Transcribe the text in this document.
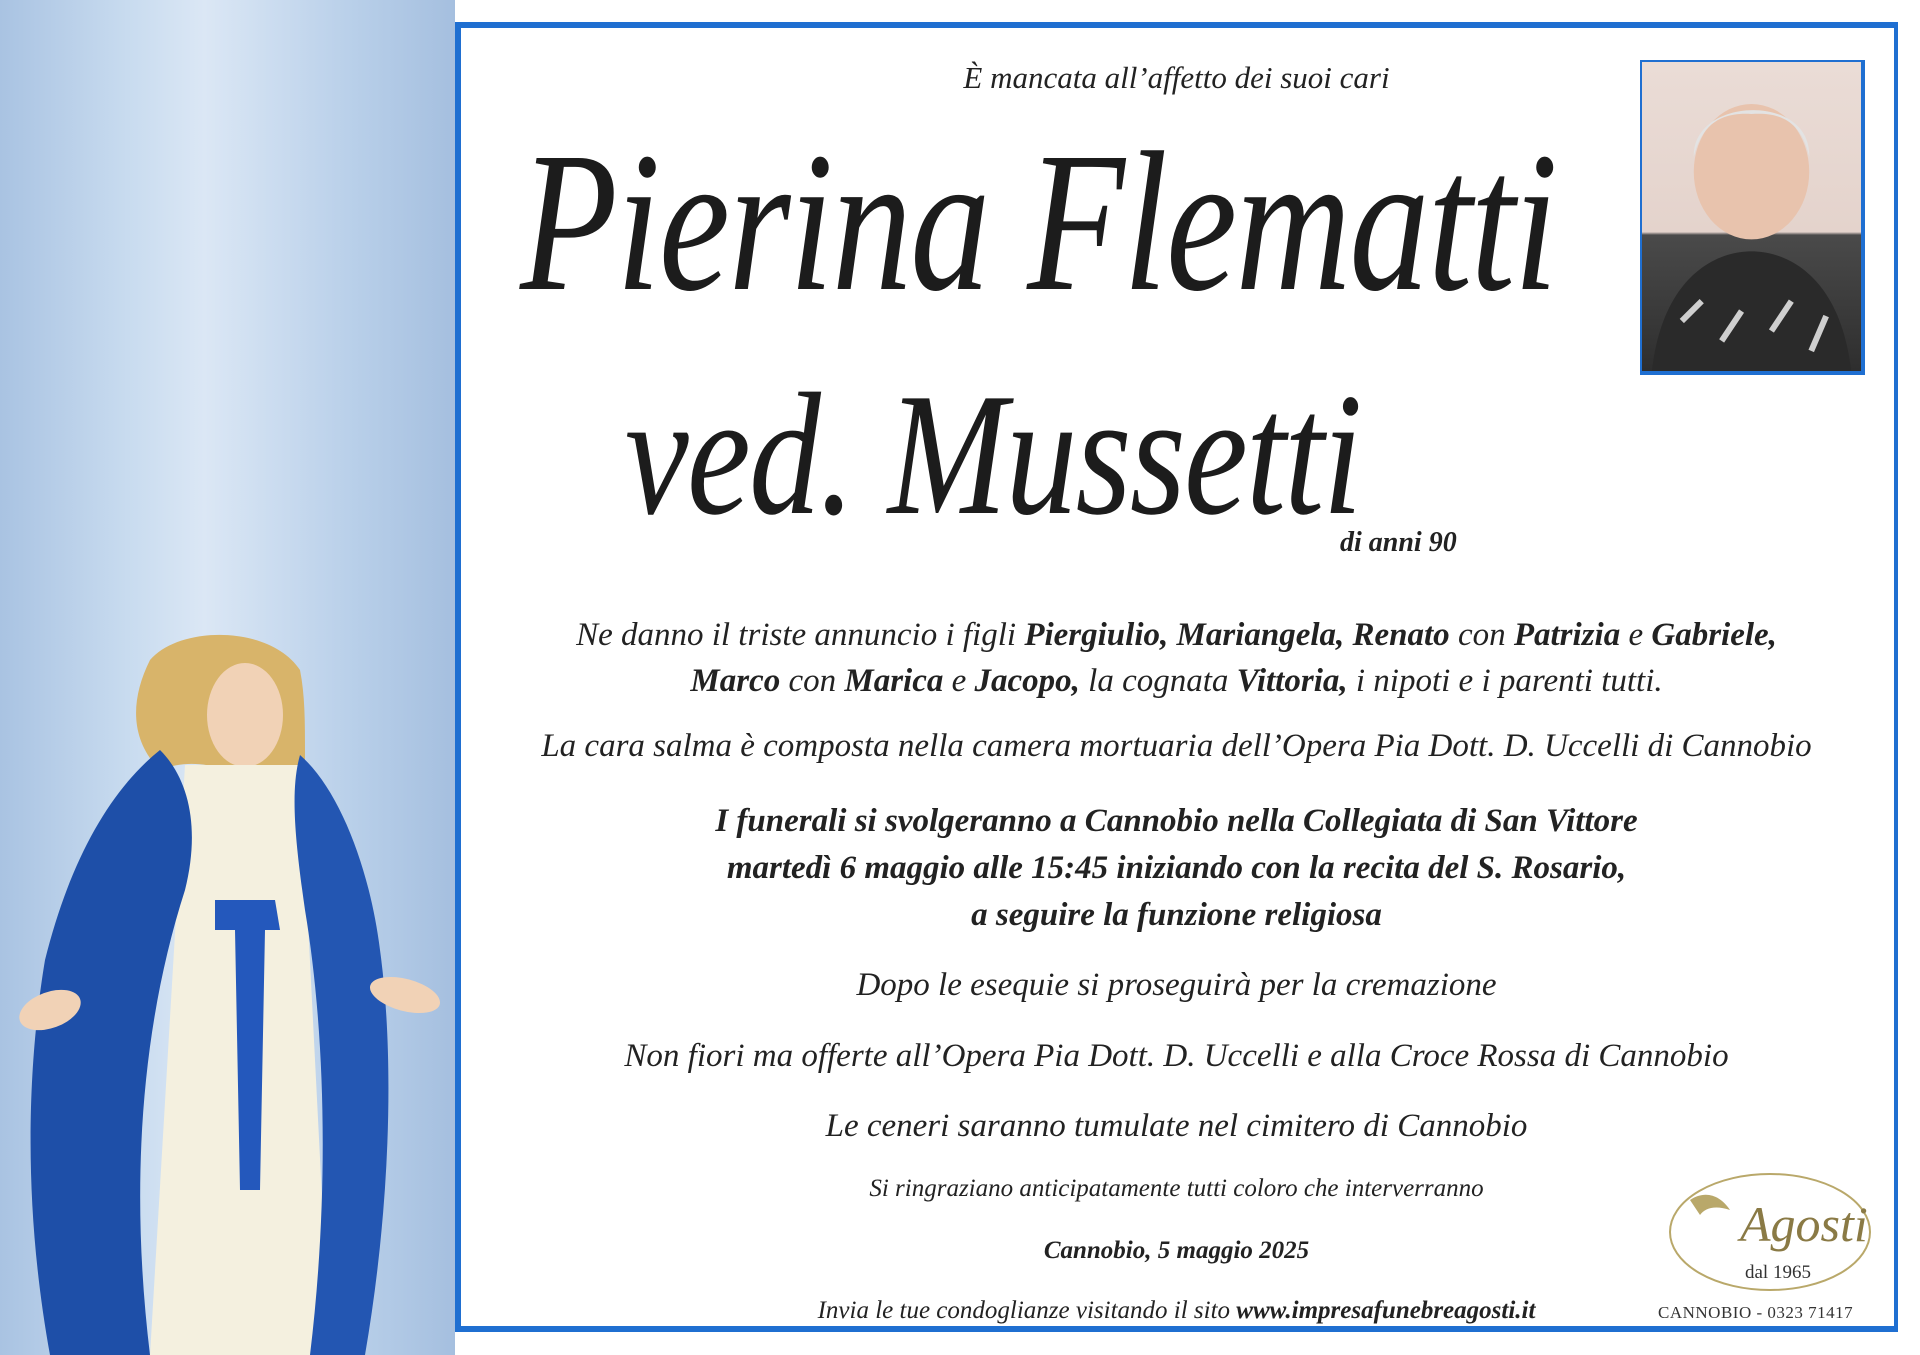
È mancata all’affetto dei suoi cari
Pierina Flematti
ved. Mussetti
di anni 90
Ne danno il triste annuncio i figli Piergiulio, Mariangela, Renato con Patrizia e Gabriele,
Marco con Marica e Jacopo, la cognata Vittoria, i nipoti e i parenti tutti.
La cara salma è composta nella camera mortuaria dell’Opera Pia Dott. D. Uccelli di Cannobio
I funerali si svolgeranno a Cannobio nella Collegiata di San Vittore
martedì 6 maggio alle 15:45 iniziando con la recita del S. Rosario,
a seguire la funzione religiosa
Dopo le esequie si proseguirà per la cremazione
Non fiori ma offerte all’Opera Pia Dott. D. Uccelli e alla Croce Rossa di Cannobio
Le ceneri saranno tumulate nel cimitero di Cannobio
Si ringraziano anticipatamente tutti coloro che interverranno
Cannobio, 5 maggio 2025
Invia le tue condoglianze visitando il sito www.impresafunebreagosti.it
Agosti
dal 1965
CANNOBIO - 0323 71417
